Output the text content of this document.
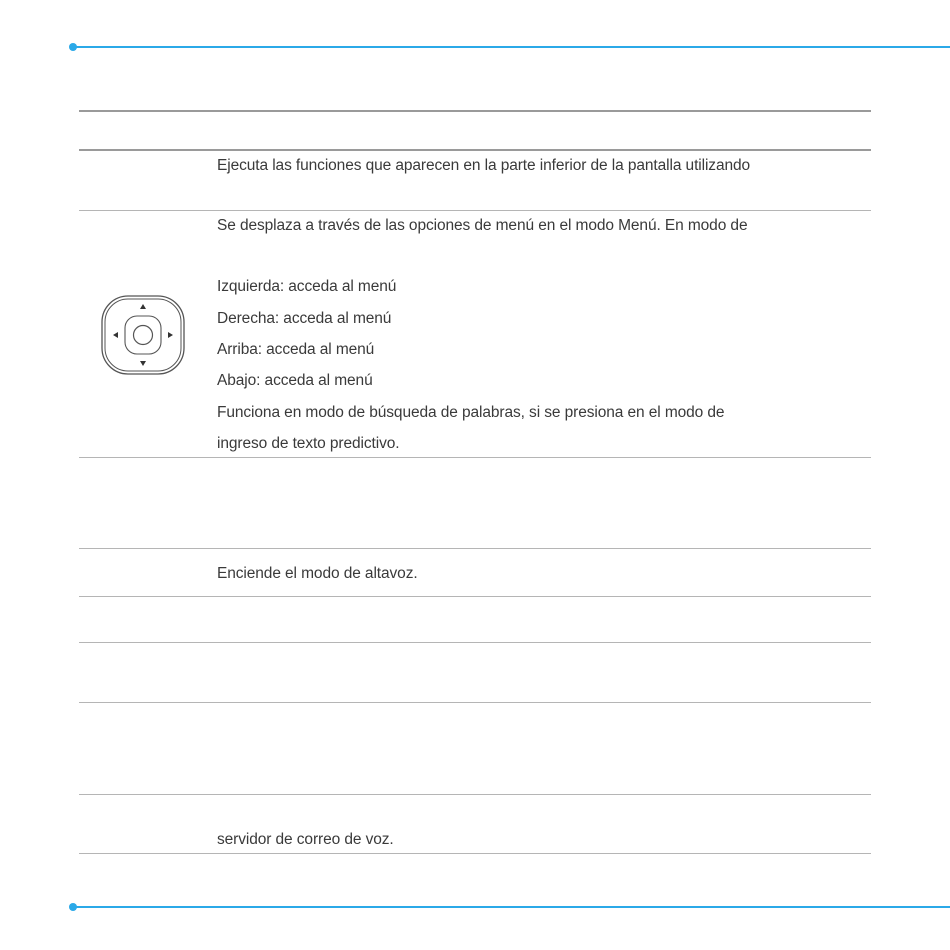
Ejecuta las funciones que aparecen en la parte inferior de la pantalla utilizando
Se desplaza a través de las opciones de menú en el modo Menú. En modo de
Izquierda: acceda al menú
Derecha: acceda al menú
Arriba: acceda al menú
Abajo: acceda al menú
Funciona en modo de búsqueda de palabras, si se presiona en el modo de
ingreso de texto predictivo.
Enciende el modo de altavoz.
servidor de correo de voz.
